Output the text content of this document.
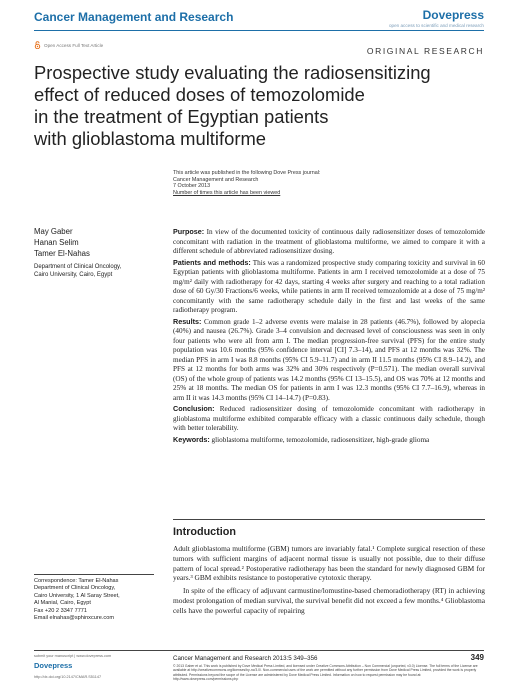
Cancer Management and Research	Dovepress
open access to scientific and medical research
Open Access Full Text Article
ORIGINAL RESEARCH
Prospective study evaluating the radiosensitizing
effect of reduced doses of temozolomide
in the treatment of Egyptian patients
with glioblastoma multiforme
This article was published in the following Dove Press journal:
Cancer Management and Research
7 October 2013
Number of times this article has been viewed
May Gaber
Hanan Selim
Tamer El-Nahas
Department of Clinical Oncology,
Cairo University, Cairo, Egypt

Purpose: In view of the documented toxicity of continuous daily radiosensitizer doses of temozolomide concomitant with radiation in the treatment of glioblastoma multiforme, we aimed to compare it with a different schedule of abbreviated radiosensitizer dosing.

Patients and methods: This was a randomized prospective study comparing toxicity and survival in 60 Egyptian patients with glioblastoma multiforme. Patients in arm I received temozolomide at a dose of 75 mg/m² daily with radiotherapy for 42 days, starting 4 weeks after surgery and reaching to a total radiation dose of 60 Gy/30 Fractions/6 weeks, while patients in arm II received temozolomide at a dose of 75 mg/m² concomitantly with the same radiotherapy schedule daily in the first and last weeks of the same radiotherapy program.

Results: Common grade 1–2 adverse events were malaise in 28 patients (46.7%), followed by alopecia (40%) and nausea (26.7%). Grade 3–4 convulsion and decreased level of consciousness was seen in only four patients who were all from arm I. The median progression-free survival (PFS) for the entire study population was 10.6 months (95% confidence interval [CI] 7.3–14), and PFS at 12 months was 32%. The median PFS in arm I was 8.8 months (95% CI 5.9–11.7) and in arm II 11.5 months (95% CI 8.9–14.2), and PFS at 12 months for both arms was 32% and 30% respectively (P=0.571). The median overall survival (OS) of the whole group of patients was 14.2 months (95% CI 13–15.5), and OS was 70% at 12 months and 25% at 18 months. The median OS for patients in arm I was 12.3 months (95% CI 7.7–16.9), whereas in arm II it was 14.3 months (95% CI 14–14.7) (P=0.83).

Conclusion: Reduced radiosensitizer dosing of temozolomide concomitant with radiotherapy in glioblastoma multiforme exhibited comparable efficacy with a classic continuous daily schedule, though with better tolerability.

Keywords: glioblastoma multiforme, temozolomide, radiosensitizer, high-grade glioma

Introduction

Adult glioblastoma multiforme (GBM) tumors are invariably fatal.¹ Complete surgical resection of these tumors with sufficient margins of adjacent normal tissue is usually not possible, due to their diffuse pattern of local spread.² Postoperative radiotherapy has been the standard for newly diagnosed GBM for years.³ GBM exhibits resistance to postoperative cytotoxic therapy.

In spite of the efficacy of adjuvant carmustine/lomustine-based chemoradiotherapy (RT) in achieving modest prolongation of median survival, the survival benefit did not exceed a few months.⁴ Glioblastoma cells have the powerful capacity of repairing

Correspondence: Tamer El-Nahas
Department of Clinical Oncology,
Cairo University, 1 Al Saray Street,
Al Manial, Cairo, Egypt
Fax +20 2 3347 7771
Email elnahas@sphinxcure.com
submit your manuscript | www.dovepress.com
Dovepress
http://dx.doi.org/10.2147/CMAR.S51147
Cancer Management and Research 2013:5 349–356	349
© 2013 Gaber et al. This work is published by Dove Medical Press Limited, and licensed under Creative Commons Attribution – Non Commercial (unported, v3.0) License. The full terms of the License are available at http://creativecommons.org/licenses/by-nc/3.0/. Non-commercial uses of the work are permitted without any further permission from Dove Medical Press Limited, provided the work is properly attributed. Permissions beyond the scope of the License are administered by Dove Medical Press Limited. Information on how to request permission may be found at: http://www.dovepress.com/permissions.php
